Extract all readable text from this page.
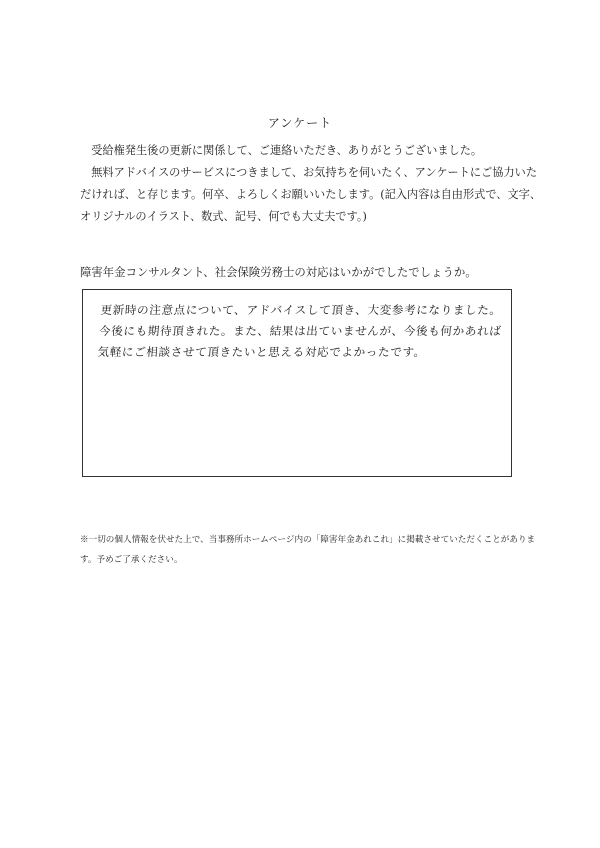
アンケート

　受給権発生後の更新に関係して、ご連絡いただき、ありがとうございました。

　無料アドバイスのサービスにつきまして、お気持ちを伺いたく、アンケートにご協力いた

だければ、と存じます。何卒、よろしくお願いいたします。(記入内容は自由形式で、文字、

オリジナルのイラスト、数式、記号、何でも大丈夫です。)

障害年金コンサルタント、社会保険労務士の対応はいかがでしたでしょうか。
更新時の注意点について、アドバイスして頂き、大変参考になりました。
今後にも期待頂きれた。また、結果は出ていませんが、今後も何かあれば
気軽にご相談させて頂きたいと思える対応でよかったです。

※一切の個人情報を伏せた上で、当事務所ホームページ内の「障害年金あれこれ」に掲載させていただくことがありま

す。予めご了承ください。
